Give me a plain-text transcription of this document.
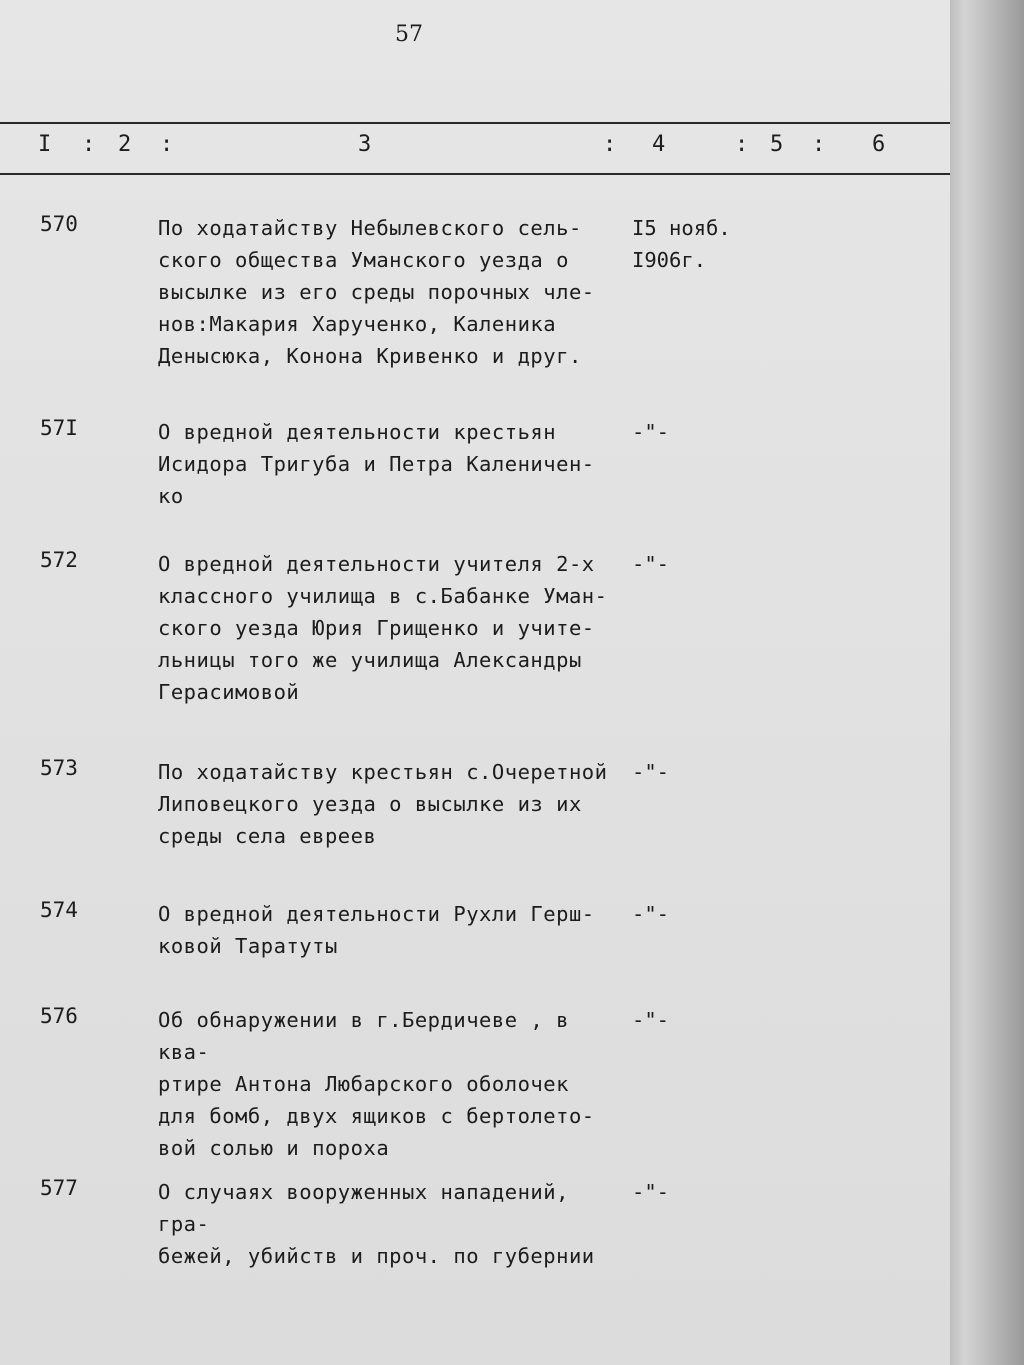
57
I : 2 :	3	: 4	: 5 : 6
570	По ходатайству Небылевского сель-
ского общества Уманского уезда о
высылке из его среды порочных чле-
нов:Макария Харученко, Каленика
Денысюка, Конона Кривенко и друг.
I5 нояб.
I906г.
57I	О вредной деятельности крестьян
Исидора Тригуба и Петра Каленичен-
ко
-"-
572	О вредной деятельности учителя 2-х
классного училища в с.Бабанке Уман-
ского уезда Юрия Грищенко и учите-
льницы того же училища Александры
Герасимовой
-"-
573	По ходатайству крестьян с.Очеретной
Липовецкого уезда о высылке из их
среды села евреев
-"-
574	О вредной деятельности Рухли Герш-
ковой Таратуты
-"-
576	Об обнаружении в г.Бердичеве , в ква-
ртире Антона Любарского оболочек
для бомб, двух ящиков с бертолето-
вой солью и пороха
-"-
577	О случаях вооруженных нападений, гра-
бежей, убийств и проч. по губернии
-"-
